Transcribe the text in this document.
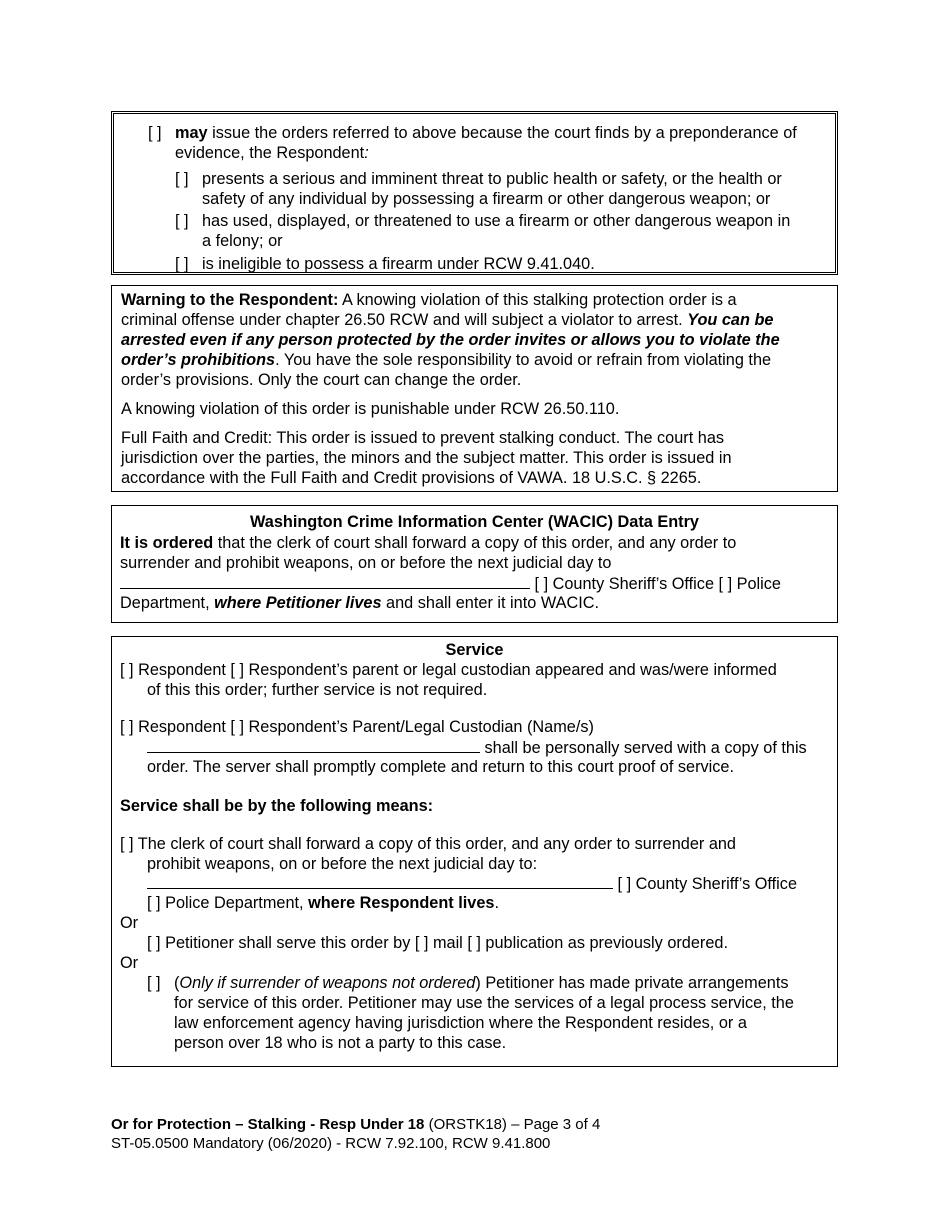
[ ] may issue the orders referred to above because the court finds by a preponderance of
evidence, the Respondent:
[ ] presents a serious and imminent threat to public health or safety, or the health or
safety of any individual by possessing a firearm or other dangerous weapon; or
[ ] has used, displayed, or threatened to use a firearm or other dangerous weapon in
a felony; or
[ ] is ineligible to possess a firearm under RCW 9.41.040.
Warning to the Respondent: A knowing violation of this stalking protection order is a
criminal offense under chapter 26.50 RCW and will subject a violator to arrest. You can be
arrested even if any person protected by the order invites or allows you to violate the
order’s prohibitions. You have the sole responsibility to avoid or refrain from violating the
order’s provisions. Only the court can change the order.
A knowing violation of this order is punishable under RCW 26.50.110.
Full Faith and Credit: This order is issued to prevent stalking conduct. The court has
jurisdiction over the parties, the minors and the subject matter. This order is issued in
accordance with the Full Faith and Credit provisions of VAWA. 18 U.S.C. § 2265.
Washington Crime Information Center (WACIC) Data Entry
It is ordered that the clerk of court shall forward a copy of this order, and any order to
surrender and prohibit weapons, on or before the next judicial day to
[ ] County Sheriff’s Office [ ] Police
Department, where Petitioner lives and shall enter it into WACIC.
Service
[ ] Respondent [ ] Respondent’s parent or legal custodian appeared and was/were informed
of this this order; further service is not required.
[ ] Respondent [ ] Respondent’s Parent/Legal Custodian (Name/s)
shall be personally served with a copy of this
order. The server shall promptly complete and return to this court proof of service.
Service shall be by the following means:
[ ] The clerk of court shall forward a copy of this order, and any order to surrender and
prohibit weapons, on or before the next judicial day to:
[ ] County Sheriff’s Office
[ ] Police Department, where Respondent lives.
Or
[ ] Petitioner shall serve this order by [ ] mail [ ] publication as previously ordered.
Or
[ ] (Only if surrender of weapons not ordered) Petitioner has made private arrangements
for service of this order. Petitioner may use the services of a legal process service, the
law enforcement agency having jurisdiction where the Respondent resides, or a
person over 18 who is not a party to this case.
Or for Protection – Stalking - Resp Under 18 (ORSTK18) – Page 3 of 4
ST-05.0500 Mandatory (06/2020) - RCW 7.92.100, RCW 9.41.800
